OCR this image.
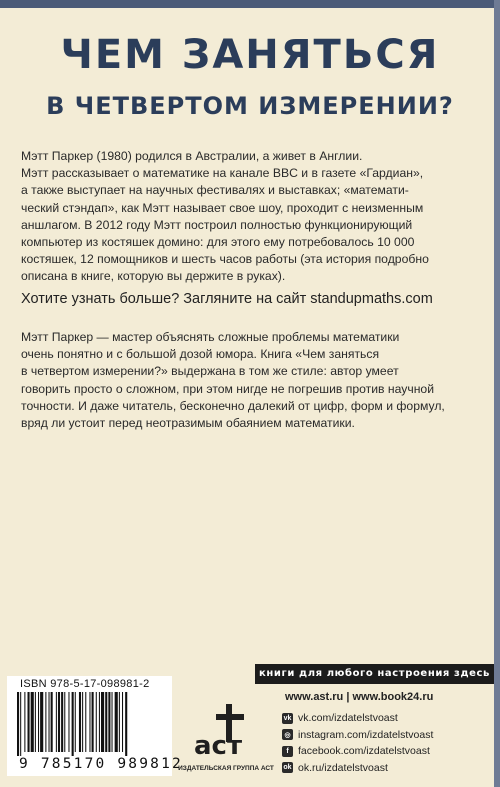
ЧЕМ ЗАНЯТЬСЯ
В ЧЕТВЕРТОМ ИЗМЕРЕНИИ?
Мэтт Паркер (1980) родился в Австралии, а живет в Англии.
Мэтт рассказывает о математике на канале BBC и в газете «Гардиан»,
а также выступает на научных фестивалях и выставках; «математи-
ческий стэндап», как Мэтт называет свое шоу, проходит с неизменным
аншлагом. В 2012 году Мэтт построил полностью функционирующий
компьютер из костяшек домино: для этого ему потребовалось 10 000
костяшек, 12 помощников и шесть часов работы (эта история подробно
описана в книге, которую вы держите в руках).
Хотите узнать больше? Загляните на сайт standupmaths.com
Мэтт Паркер — мастер объяснять сложные проблемы математики
очень понятно и с большой дозой юмора. Книга «Чем заняться
в четвертом измерении?» выдержана в том же стиле: автор умеет
говорить просто о сложном, при этом нигде не погрешив против научной
точности. И даже читатель, бесконечно далекий от цифр, форм и формул,
вряд ли устоит перед неотразимым обаянием математики.
книги для любого настроения здесь
ISBN 978-5-17-098981-2
9 785170 989812
аст
ИЗДАТЕЛЬСКАЯ ГРУППА АСТ
www.ast.ru | www.book24.ru
vk vk.com/izdatelstvoast
◎ instagram.com/izdatelstvoast
f facebook.com/izdatelstvoast
ok ok.ru/izdatelstvoast
